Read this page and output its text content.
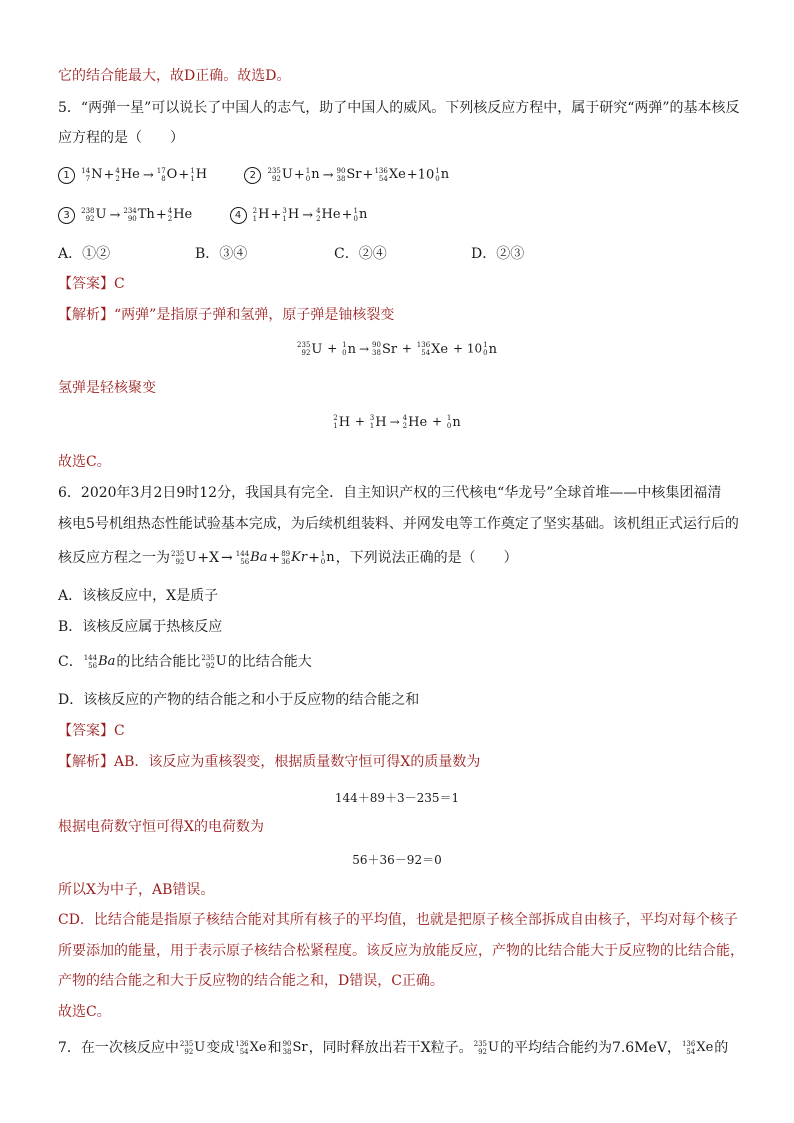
它的结合能最大，故D正确。故选D。
5．“两弹一星”可以说长了中国人的志气，助了中国人的威风。下列核反应方程中，属于研究“两弹”的基本核反
应方程的是（　　）
1 14
7 N + 4
2 He → 17
8 O + 1
1 H	2 235
92 U + 1
0 n → 90
38 Sr + 136
54 Xe +10 1
0 n
3 238
92 U → 234
90 Th + 4
2 He	4 2
1 H + 3
1 H → 4
2 He + 1
0 n
A．①②	B．③④	C．②④	D．②③
【答案】C
【解析】“两弹”是指原子弹和氢弹，原子弹是铀核裂变
235
92 U + 1
0 n → 90
38 Sr + 136
54 Xe + 10 1
0 n
氢弹是轻核聚变
2
1 H + 3
1 H → 4
2 He + 1
0 n
故选C。
6．2020年3月2日9时12分，我国具有完全．自主知识产权的三代核电“华龙号”全球首堆——中核集团福清
核电5号机组热态性能试验基本完成，为后续机组装料、并网发电等工作奠定了坚实基础。该机组正式运行后的
核反应方程之一为 235
92 U +X → 144
56 Ba + 89
36 Kr + 1
0 n ，下列说法正确的是（　　）
A．该核反应中，X是质子
B．该核反应属于热核反应
C． 144
56 Ba 的比结合能比 235
92 U 的比结合能大
D．该核反应的产物的结合能之和小于反应物的结合能之和
【答案】C
【解析】AB．该反应为重核裂变，根据质量数守恒可得X的质量数为
144＋89＋3－235＝1
根据电荷数守恒可得X的电荷数为
56＋36－92＝0
所以X为中子，AB错误。
CD．比结合能是指原子核结合能对其所有核子的平均值，也就是把原子核全部拆成自由核子，平均对每个核子
所要添加的能量，用于表示原子核结合松紧程度。该反应为放能反应，产物的比结合能大于反应物的比结合能，
产物的结合能之和大于反应物的结合能之和，D错误，C正确。
故选C。
7．在一次核反应中 235
92 U 变成 136
54 Xe 和 90
38 Sr ，同时释放出若干X粒子。 235
92 U 的平均结合能约为7.6MeV， 136
54 Xe 的
